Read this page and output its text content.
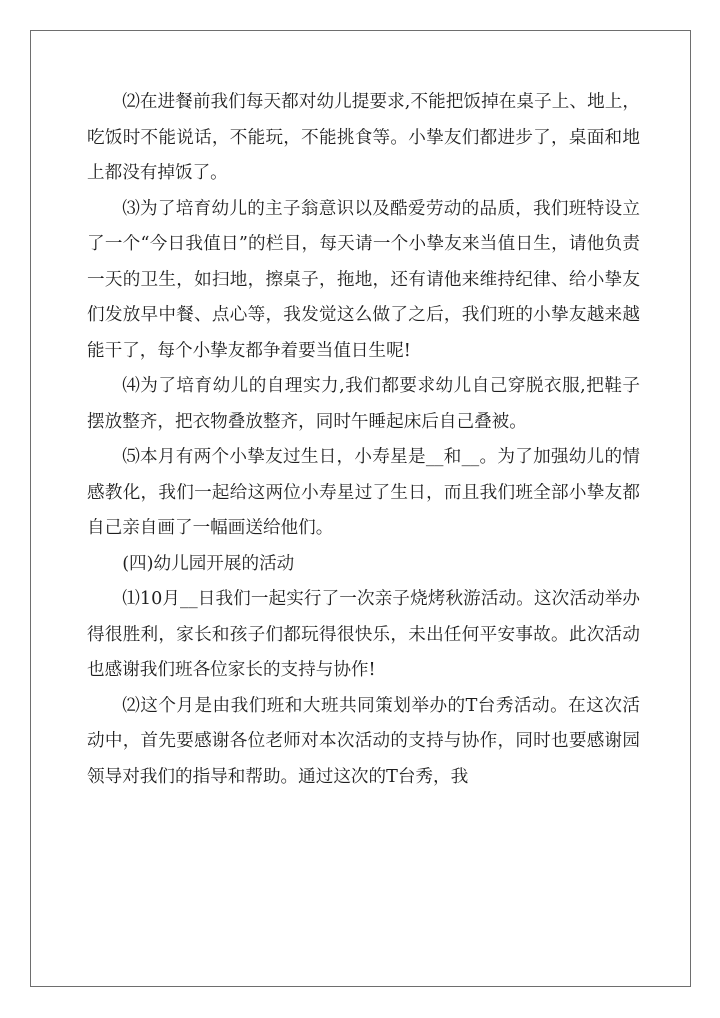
⑵在进餐前我们每天都对幼儿提要求,不能把饭掉在桌子上、地上，吃饭时不能说话，不能玩，不能挑食等。小挚友们都进步了，桌面和地上都没有掉饭了。

⑶为了培育幼儿的主子翁意识以及酷爱劳动的品质，我们班特设立了一个“今日我值日”的栏目，每天请一个小挚友来当值日生，请他负责一天的卫生，如扫地，擦桌子，拖地，还有请他来维持纪律、给小挚友们发放早中餐、点心等，我发觉这么做了之后，我们班的小挚友越来越能干了，每个小挚友都争着要当值日生呢!

⑷为了培育幼儿的自理实力,我们都要求幼儿自己穿脱衣服,把鞋子摆放整齐，把衣物叠放整齐，同时午睡起床后自己叠被。

⑸本月有两个小挚友过生日，小寿星是__和__。为了加强幼儿的情感教化，我们一起给这两位小寿星过了生日，而且我们班全部小挚友都自己亲自画了一幅画送给他们。

(四)幼儿园开展的活动

⑴10月__日我们一起实行了一次亲子烧烤秋游活动。这次活动举办得很胜利，家长和孩子们都玩得很快乐，未出任何平安事故。此次活动也感谢我们班各位家长的支持与协作!

⑵这个月是由我们班和大班共同策划举办的T台秀活动。在这次活动中，首先要感谢各位老师对本次活动的支持与协作，同时也要感谢园领导对我们的指导和帮助。通过这次的T台秀，我
